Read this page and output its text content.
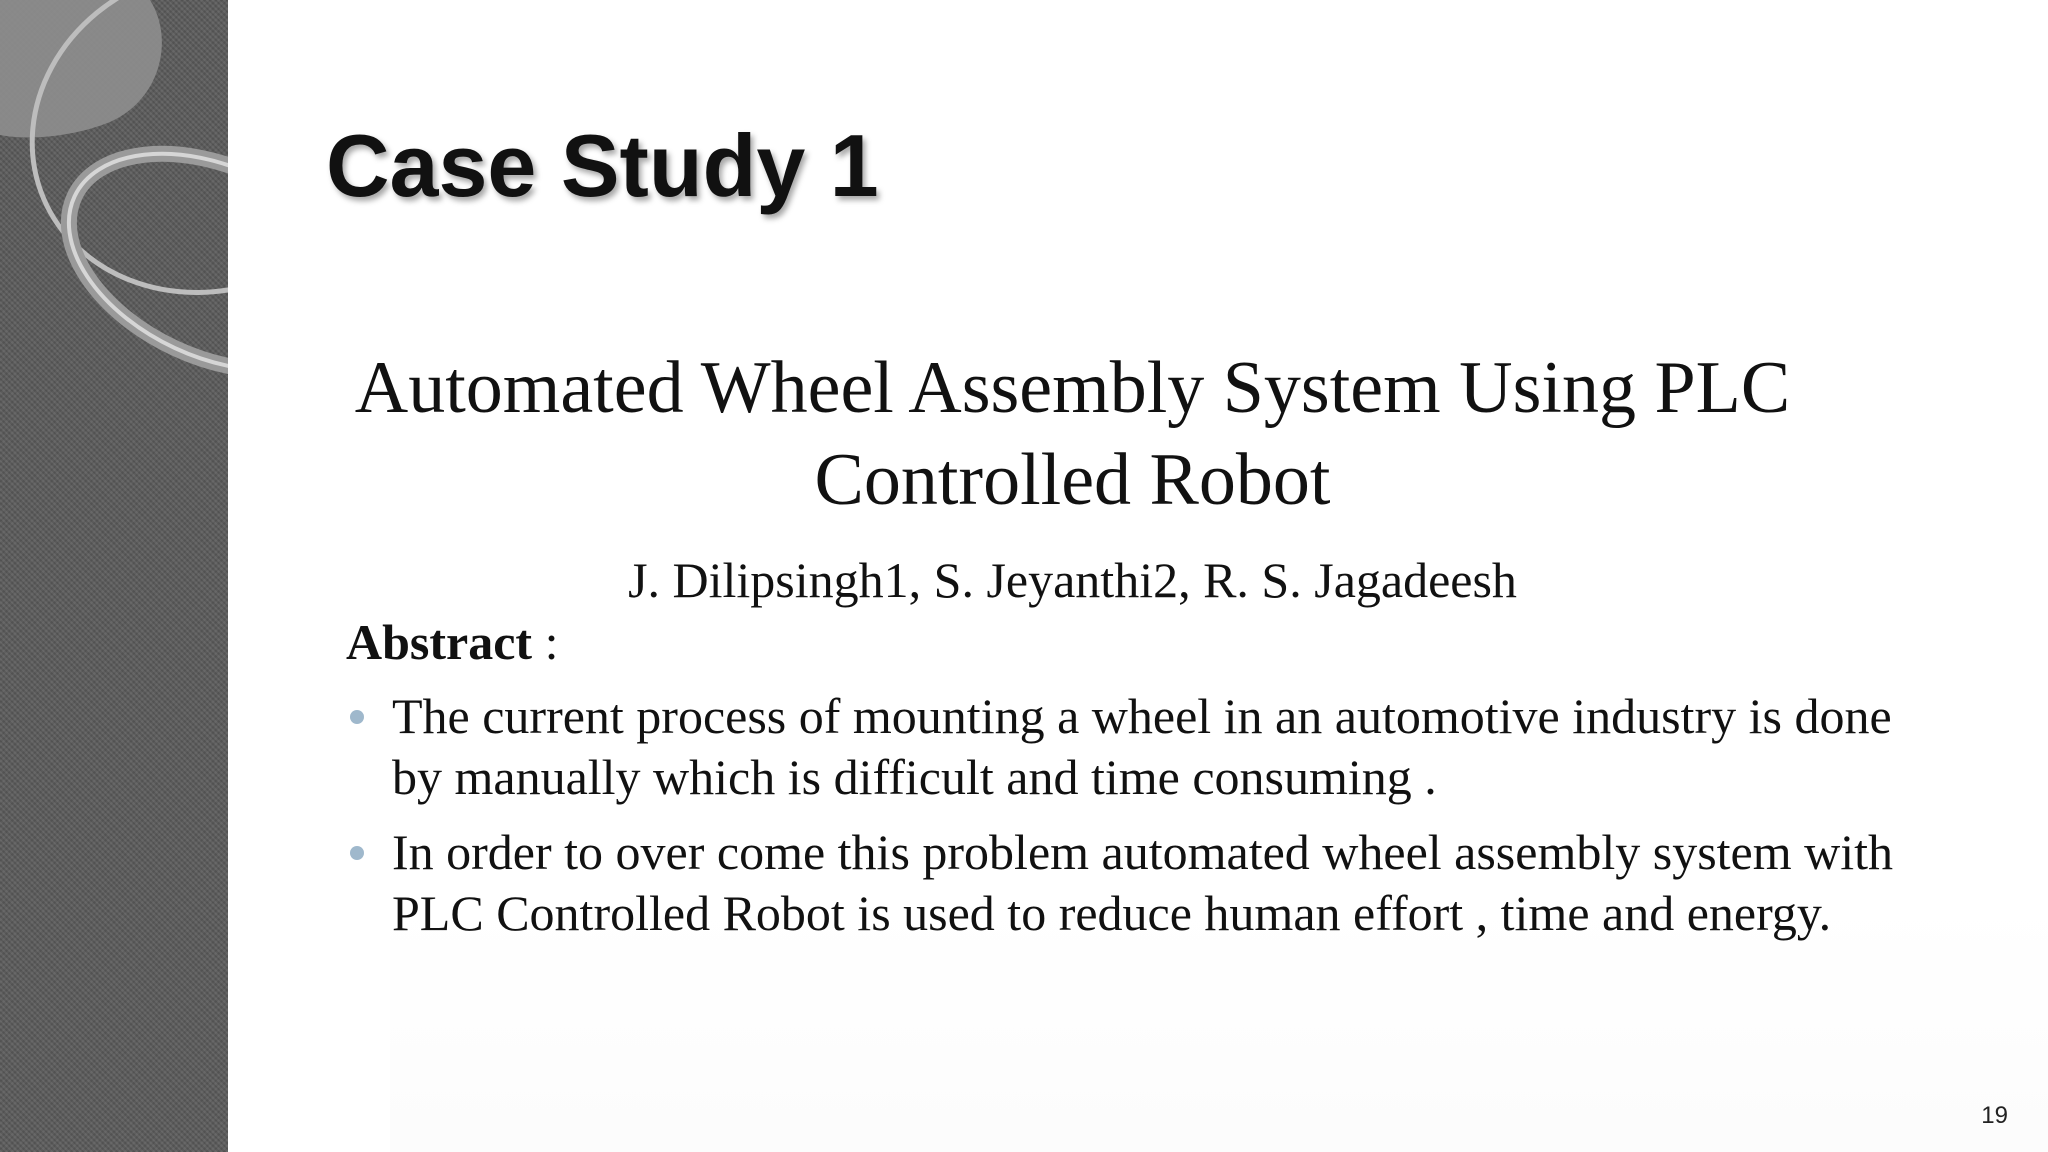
Case Study 1
Automated Wheel Assembly System Using PLC
Controlled Robot
J. Dilipsingh1, S. Jeyanthi2, R. S. Jagadeesh
Abstract :
The current process of mounting a wheel in an automotive industry is done by manually which is difficult and time consuming .
In order to over come this problem automated wheel assembly system with PLC Controlled Robot is used to reduce human effort , time and energy.
19
